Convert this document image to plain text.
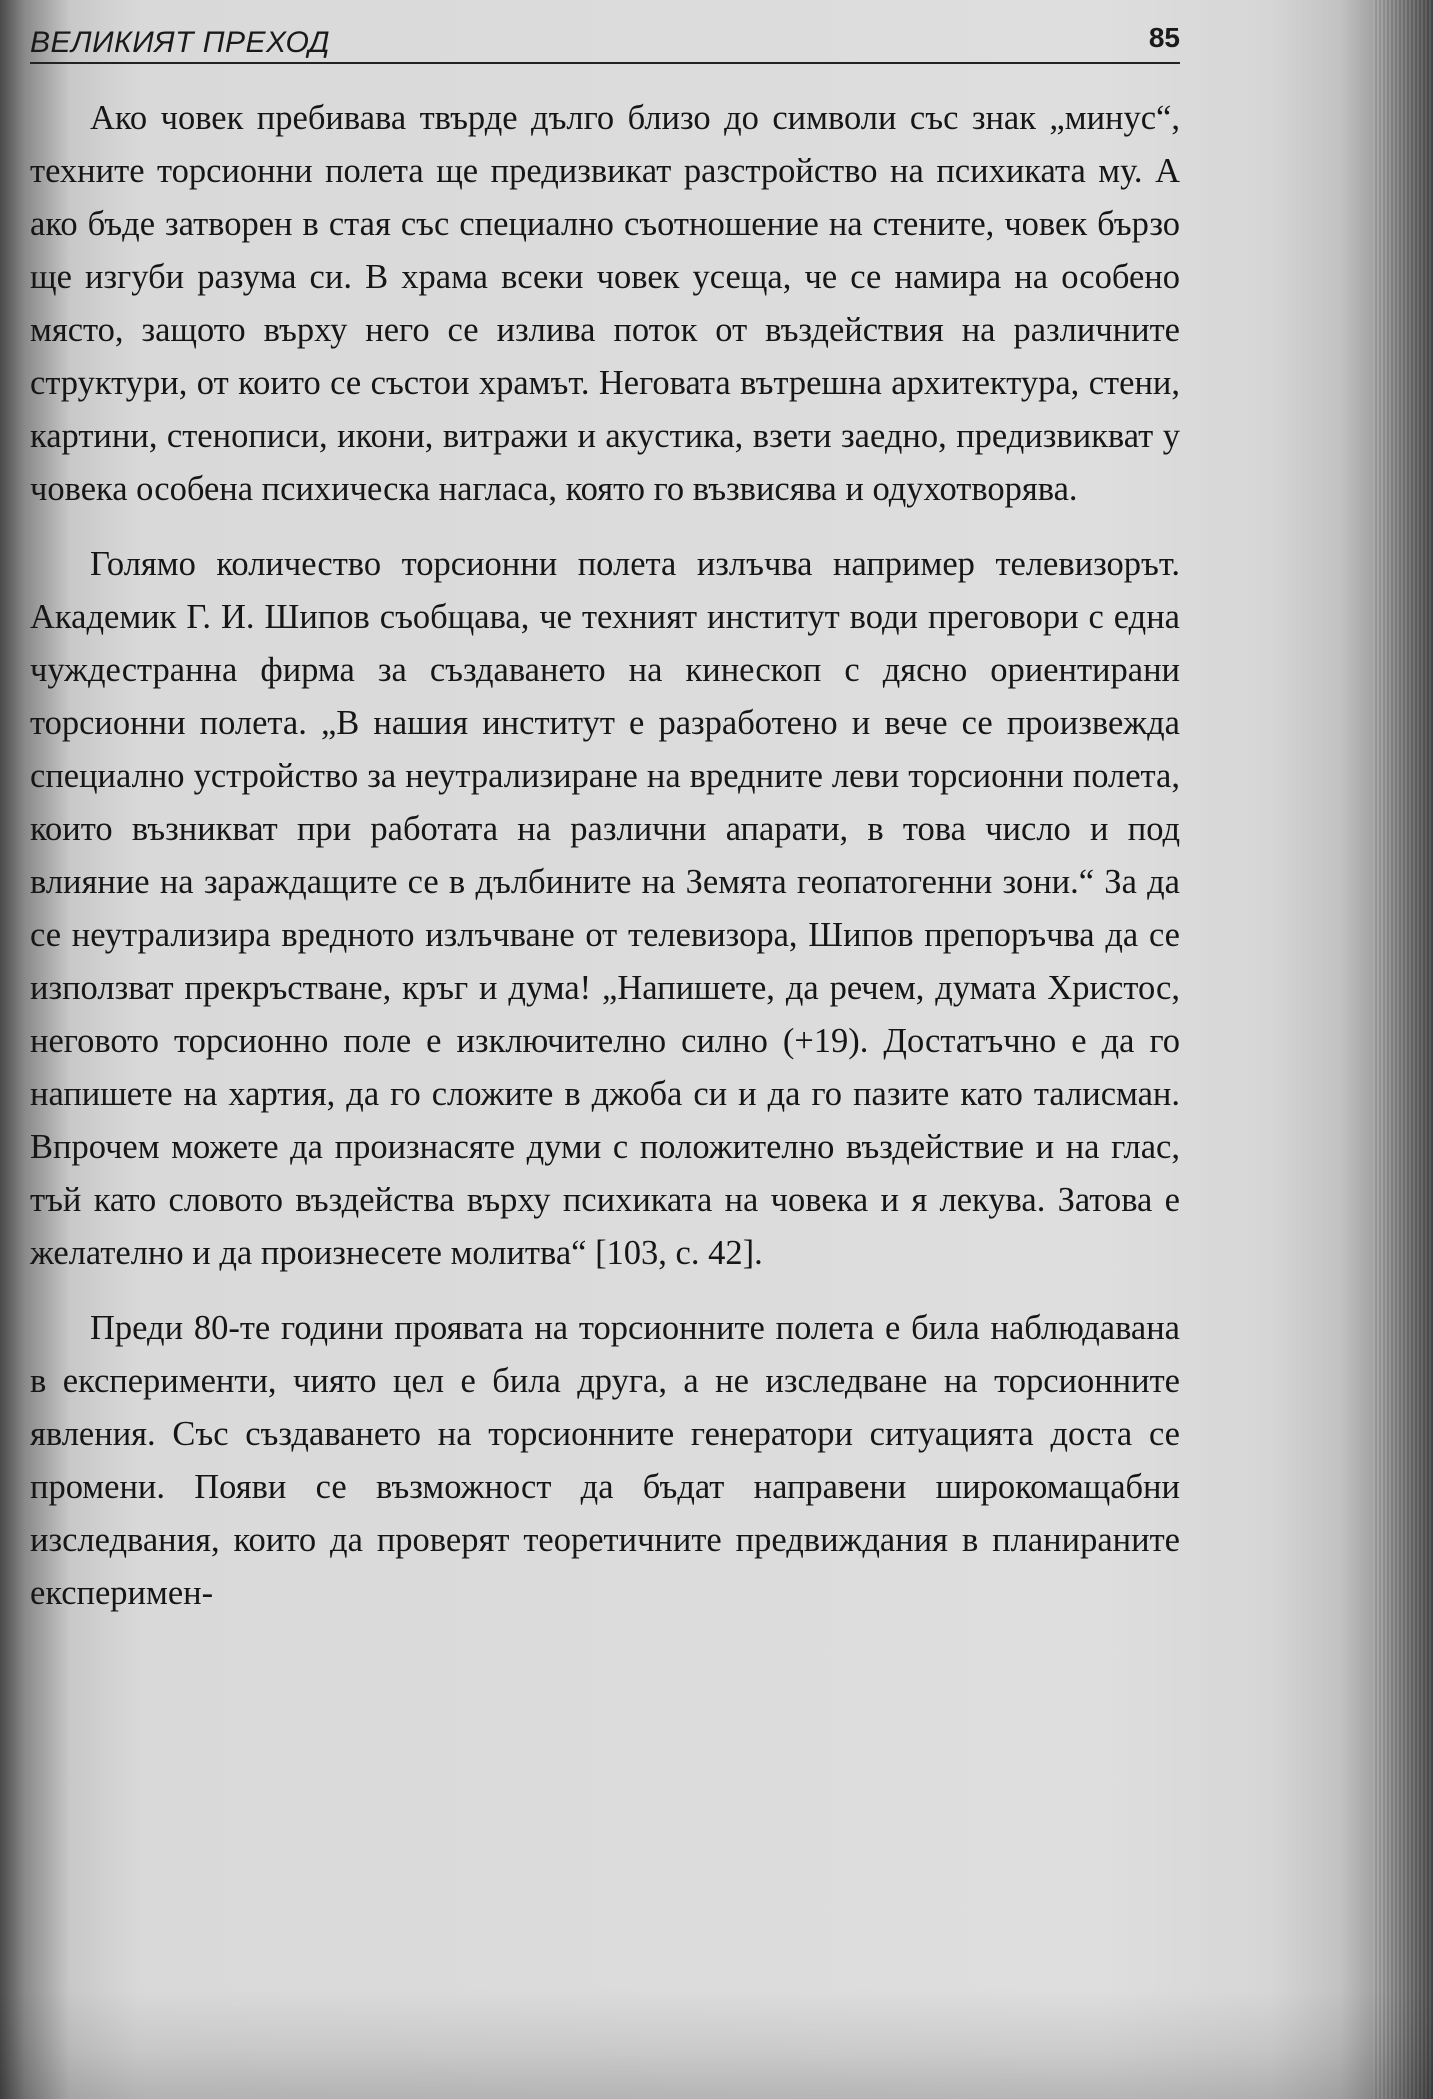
ВЕЛИКИЯТ ПРЕХОД	85

Ако човек пребивава твърде дълго близо до символи със знак „минус“, техните торсионни полета ще предизвикат разстройство на психиката му. А ако бъде затворен в стая със специално съотношение на стените, човек бързо ще изгуби разума си. В храма всеки човек усеща, че се намира на особено място, защото върху него се излива поток от въздействия на различните структури, от които се състои храмът. Неговата вътрешна архитектура, стени, картини, стенописи, икони, витражи и акустика, взети заедно, предизвикват у човека особена психическа нагласа, която го възвисява и одухотворява.

Голямо количество торсионни полета излъчва например телевизорът. Академик Г. И. Шипов съобщава, че техният институт води преговори с една чуждестранна фирма за създаването на кинескоп с дясно ориентирани торсионни полета. „В нашия институт е разработено и вече се произвежда специално устройство за неутрализиране на вредните леви торсионни полета, които възникват при работата на различни апарати, в това число и под влияние на зараждащите се в дълбините на Земята геопатогенни зони.“ За да се неутрализира вредното излъчване от телевизора, Шипов препоръчва да се използват прекръстване, кръг и дума! „Напишете, да речем, думата Христос, неговото торсионно поле е изключително силно (+19). Достатъчно е да го напишете на хартия, да го сложите в джоба си и да го пазите като талисман. Впрочем можете да произнасяте думи с положително въздействие и на глас, тъй като словото въздейства върху психиката на човека и я лекува. Затова е желателно и да произнесете молитва“ [103, с. 42].

Преди 80-те години проявата на торсионните полета е била наблюдавана в експерименти, чиято цел е била друга, а не изследване на торсионните явления. Със създаването на торсионните генератори ситуацията доста се промени. Появи се възможност да бъдат направени широкомащабни изследвания, които да проверят теоретичните предвиждания в планираните експеримен-
